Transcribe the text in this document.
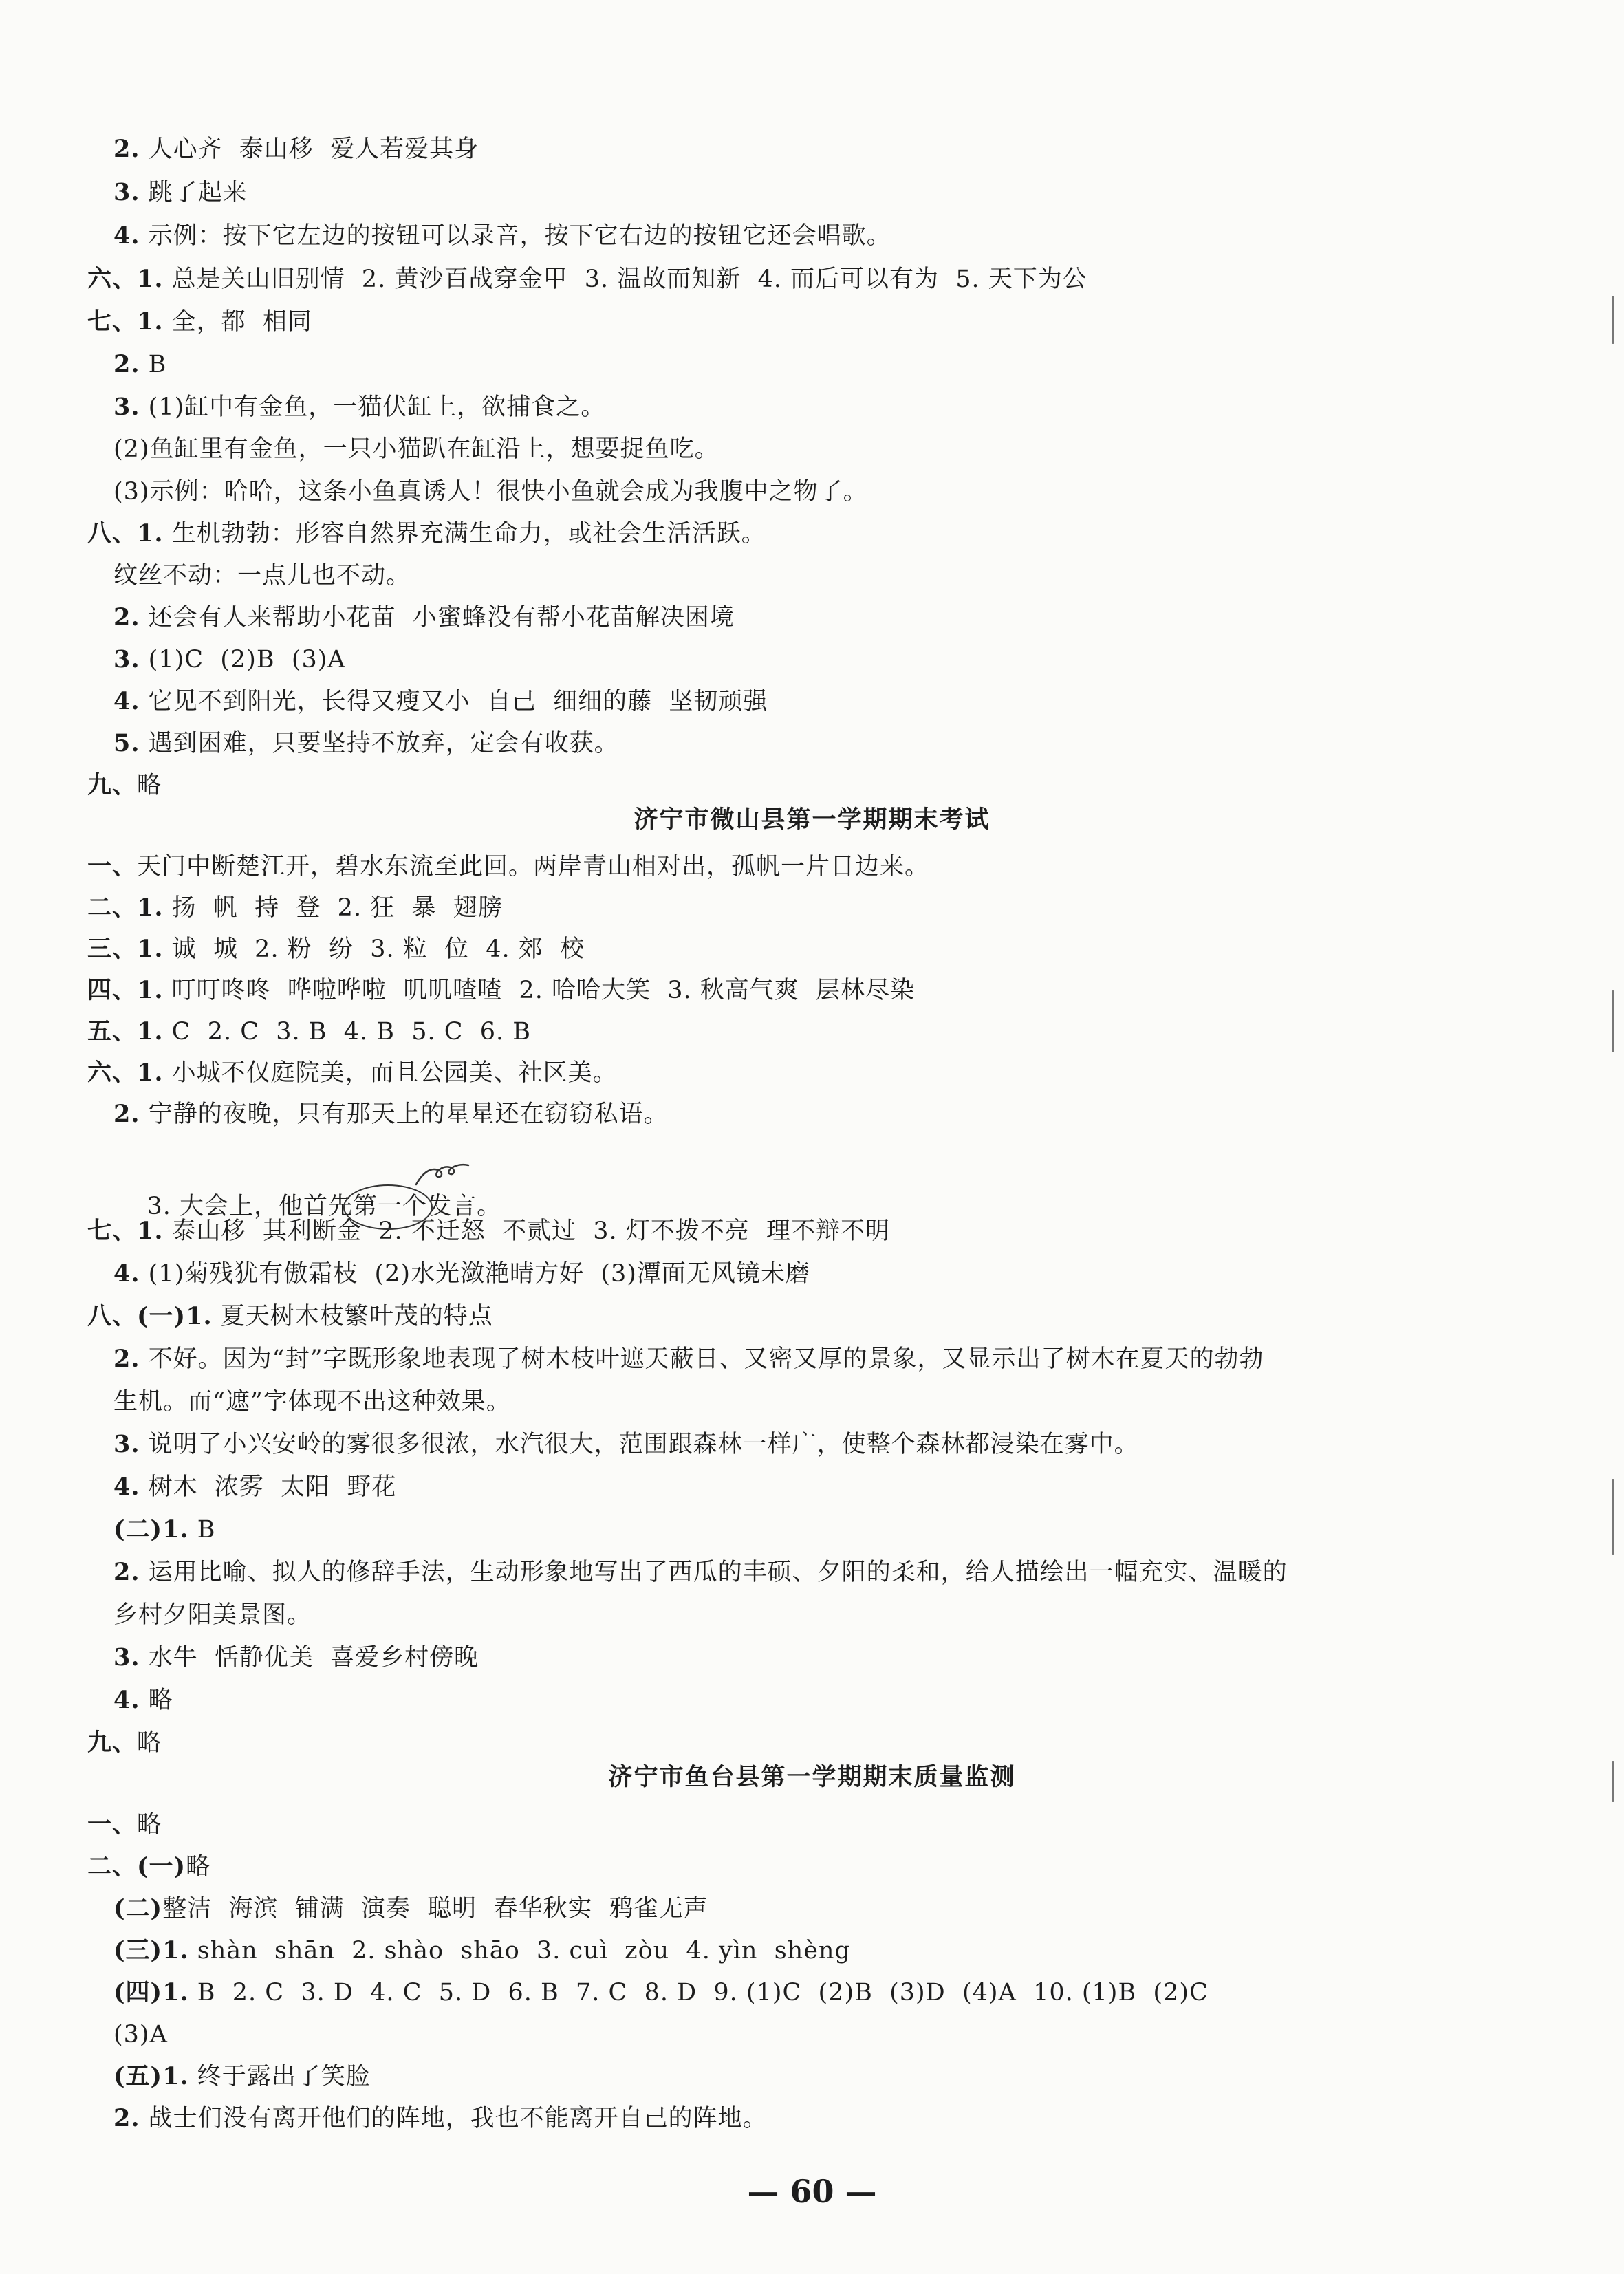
2. 人心齐  泰山移  爱人若爱其身
3. 跳了起来
4. 示例：按下它左边的按钮可以录音，按下它右边的按钮它还会唱歌。
六、1. 总是关山旧别情  2. 黄沙百战穿金甲  3. 温故而知新  4. 而后可以有为  5. 天下为公
七、1. 全，都  相同
2. B
3. (1)缸中有金鱼，一猫伏缸上，欲捕食之。
(2)鱼缸里有金鱼，一只小猫趴在缸沿上，想要捉鱼吃。
(3)示例：哈哈，这条小鱼真诱人！很快小鱼就会成为我腹中之物了。
八、1. 生机勃勃：形容自然界充满生命力，或社会生活活跃。
纹丝不动：一点儿也不动。
2. 还会有人来帮助小花苗  小蜜蜂没有帮小花苗解决困境
3. (1)C  (2)B  (3)A
4. 它见不到阳光，长得又瘦又小  自己  细细的藤  坚韧顽强
5. 遇到困难，只要坚持不放弃，定会有收获。
九、略
一、天门中断楚江开，碧水东流至此回。两岸青山相对出，孤帆一片日边来。
二、1. 扬  帆  持  登  2. 狂  暴  翅膀
三、1. 诚  城  2. 粉  纷  3. 粒  位  4. 郊  校
四、1. 叮叮咚咚  哗啦哗啦  叽叽喳喳  2. 哈哈大笑  3. 秋高气爽  层林尽染
五、1. C  2. C  3. B  4. B  5. C  6. B
六、1. 小城不仅庭院美，而且公园美、社区美。
2. 宁静的夜晚，只有那天上的星星还在窃窃私语。
七、1. 泰山移  其利断金  2. 不迁怒  不贰过  3. 灯不拨不亮  理不辩不明
4. (1)菊残犹有傲霜枝  (2)水光潋滟晴方好  (3)潭面无风镜未磨
八、(一)1. 夏天树木枝繁叶茂的特点
2. 不好。因为“封”字既形象地表现了树木枝叶遮天蔽日、又密又厚的景象，又显示出了树木在夏天的勃勃
生机。而“遮”字体现不出这种效果。
3. 说明了小兴安岭的雾很多很浓，水汽很大，范围跟森林一样广，使整个森林都浸染在雾中。
4. 树木  浓雾  太阳  野花
(二)1. B
2. 运用比喻、拟人的修辞手法，生动形象地写出了西瓜的丰硕、夕阳的柔和，给人描绘出一幅充实、温暖的
乡村夕阳美景图。
3. 水牛  恬静优美  喜爱乡村傍晚
4. 略
九、略
一、略
二、(一)略
(二)整洁  海滨  铺满  演奏  聪明  春华秋实  鸦雀无声
(三)1. shàn  shān  2. shào  shāo  3. cuì  zòu  4. yìn  shèng
(四)1. B  2. C  3. D  4. C  5. D  6. B  7. C  8. D  9. (1)C  (2)B  (3)D  (4)A  10. (1)B  (2)C
(3)A
(五)1. 终于露出了笑脸
2. 战士们没有离开他们的阵地，我也不能离开自己的阵地。
济宁市微山县第一学期期末考试
济宁市鱼台县第一学期期末质量监测

3. 大会上，他首先
第一个发言。

— 60 —
